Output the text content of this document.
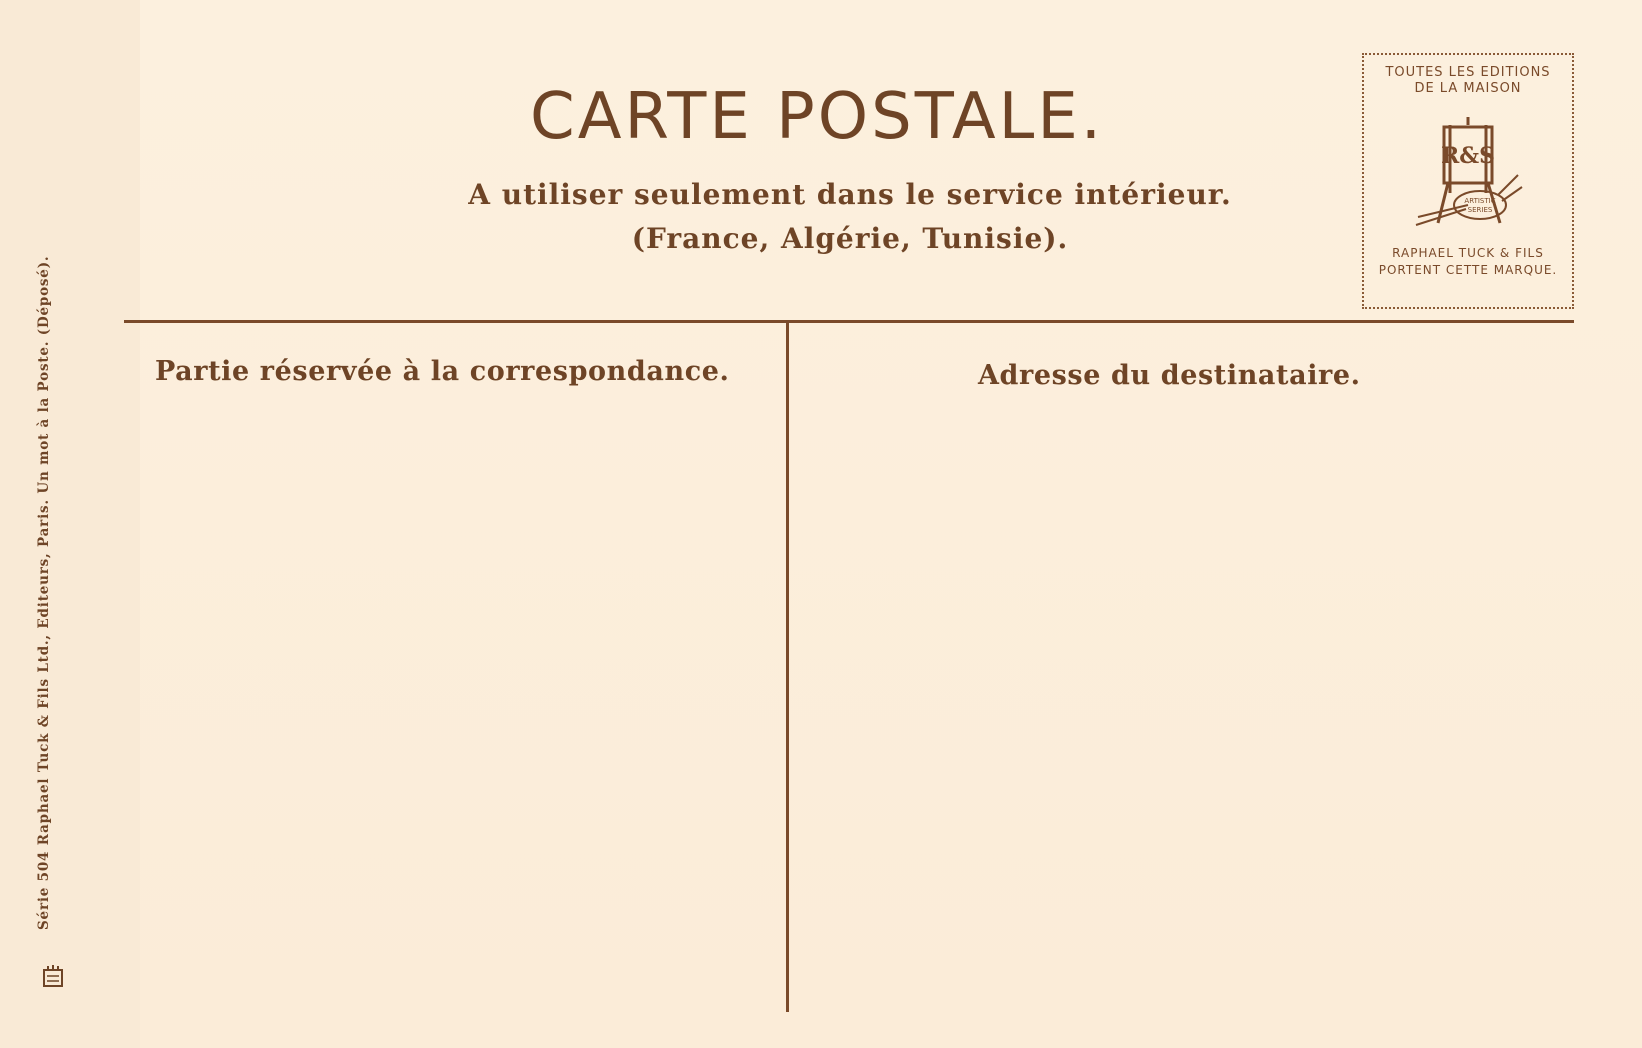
Série 504 Raphael Tuck & Fils Ltd., Editeurs, Paris. Un mot à la Poste. (Déposé).
CARTE POSTALE.
A utiliser seulement dans le service intérieur.
(France, Algérie, Tunisie).
TOUTES LES EDITIONS
DE LA MAISON
R&S
ARTISTIC
SERIES
RAPHAEL TUCK & FILS
PORTENT CETTE MARQUE.
Partie réservée à la correspondance.	Adresse du destinataire.
